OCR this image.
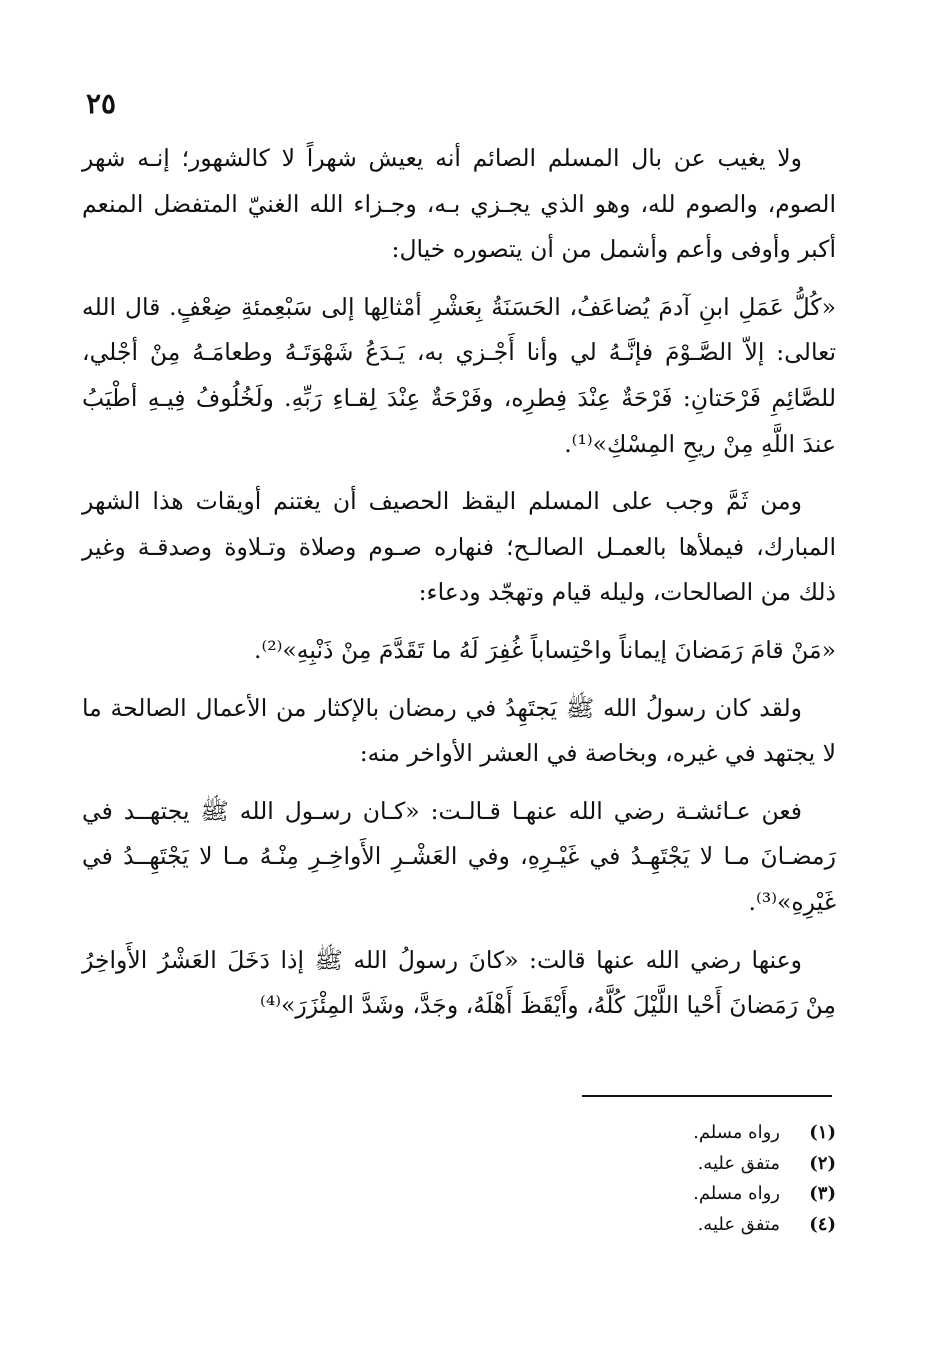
٢٥

ولا يغيب عن بال المسلم الصائم أنه يعيش شهراً لا كالشهور؛ إنـه شهر الصوم، والصوم لله، وهو الذي يجـزي بـه، وجـزاء الله الغنيّ المتفضل المنعم أكبر وأوفى وأعم وأشمل من أن يتصوره خيال:

«كُلُّ عَمَلِ ابنِ آدمَ يُضاعَفُ، الحَسَنَةُ بِعَشْرِ أمْثالِها إلى سَبْعِمئةِ ضِعْفٍ. قال الله تعالى: إلاّ الصَّـوْمَ فإنَّـهُ لي وأنا أَجْـزي به، يَـدَعُ شَهْوَتَـهُ وطعامَـهُ مِنْ أجْلي، للصَّائِمِ فَرْحَتانِ: فَرْحَةٌ عِنْدَ فِطرِه، وفَرْحَةٌ عِنْدَ لِقـاءِ رَبِّهِ. ولَخُلُوفُ فِيـهِ أطْيَبُ عندَ اللَّهِ مِنْ ريحِ المِسْكِ»⁽¹⁾.

ومن ثَمَّ وجب على المسلم اليقظ الحصيف أن يغتنم أويقات هذا الشهر المبارك، فيملأها بالعمـل الصالـح؛ فنهاره صـوم وصلاة وتـلاوة وصدقـة وغير ذلك من الصالحات، وليله قيام وتهجّد ودعاء:

«مَنْ قامَ رَمَضانَ إيماناً واحْتِساباً غُفِرَ لَهُ ما تَقَدَّمَ مِنْ ذَنْبِهِ»⁽²⁾.

ولقد كان رسولُ الله ﷺ يَجتَهِدُ في رمضان بالإكثار من الأعمال الصالحة ما لا يجتهد في غيره، وبخاصة في العشر الأواخر منه:

فعن عـائشـة رضي الله عنهـا قـالـت: «كـان رسـول الله ﷺ يجتهــد في رَمضـانَ مـا لا يَجْتَهِـدُ في غَيْـرِهِ، وفي العَشْـرِ الأَواخِـرِ مِنْـهُ مـا لا يَجْتَهِــدُ في غَيْرِهِ»⁽³⁾.

وعنها رضي الله عنها قالت: «كانَ رسولُ الله ﷺ إذا دَخَلَ العَشْرُ الأَواخِرُ مِنْ رَمَضانَ أَحْيا اللَّيْلَ كُلَّهُ، وأَيْقَظَ أَهْلَهُ، وجَدَّ، وشَدَّ المِئْزَرَ»⁽⁴⁾

(١)
رواه مسلم.
(٢)
متفق عليه.
(٣)
رواه مسلم.
(٤)
متفق عليه.
